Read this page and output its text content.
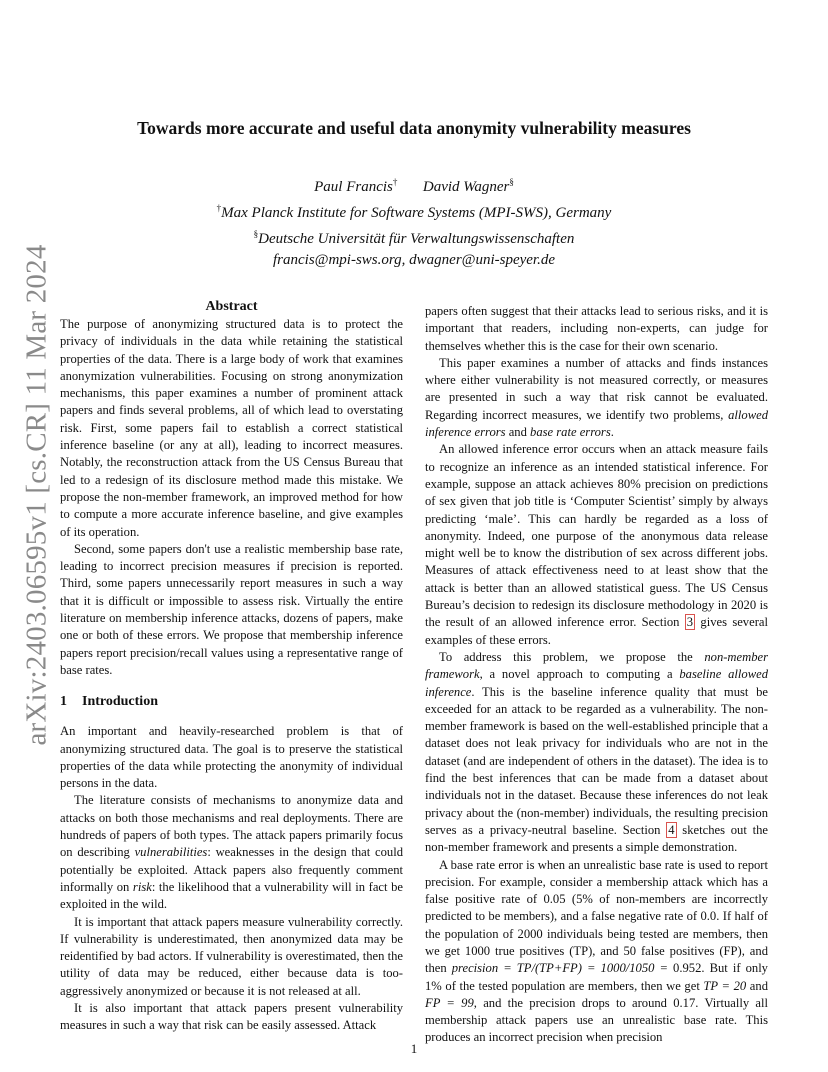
arXiv:2403.06595v1 [cs.CR] 11 Mar 2024
Towards more accurate and useful data anonymity vulnerability measures
Paul Francis† David Wagner§
†Max Planck Institute for Software Systems (MPI-SWS), Germany
§Deutsche Universität für Verwaltungswissenschaften
francis@mpi-sws.org, dwagner@uni-speyer.de
Abstract

The purpose of anonymizing structured data is to protect the privacy of individuals in the data while retaining the statistical properties of the data. There is a large body of work that examines anonymization vulnerabilities. Focusing on strong anonymization mechanisms, this paper examines a number of prominent attack papers and finds several problems, all of which lead to overstating risk. First, some papers fail to establish a correct statistical inference baseline (or any at all), leading to incorrect measures. Notably, the reconstruction attack from the US Census Bureau that led to a redesign of its disclosure method made this mistake. We propose the non-member framework, an improved method for how to compute a more accurate inference baseline, and give examples of its operation.

Second, some papers don't use a realistic membership base rate, leading to incorrect precision measures if precision is reported. Third, some papers unnecessarily report measures in such a way that it is difficult or impossible to assess risk. Virtually the entire literature on membership inference attacks, dozens of papers, make one or both of these errors. We propose that membership inference papers report precision/recall values using a representative range of base rates.

1 Introduction

An important and heavily-researched problem is that of anonymizing structured data. The goal is to preserve the statistical properties of the data while protecting the anonymity of individual persons in the data.

The literature consists of mechanisms to anonymize data and attacks on both those mechanisms and real deployments. There are hundreds of papers of both types. The attack papers primarily focus on describing vulnerabilities: weaknesses in the design that could potentially be exploited. Attack papers also frequently comment informally on risk: the likelihood that a vulnerability will in fact be exploited in the wild.

It is important that attack papers measure vulnerability correctly. If vulnerability is underestimated, then anonymized data may be reidentified by bad actors. If vulnerability is overestimated, then the utility of data may be reduced, either because data is too-aggressively anonymized or because it is not released at all.

It is also important that attack papers present vulnerability measures in such a way that risk can be easily assessed. Attack

papers often suggest that their attacks lead to serious risks, and it is important that readers, including non-experts, can judge for themselves whether this is the case for their own scenario.

This paper examines a number of attacks and finds instances where either vulnerability is not measured correctly, or measures are presented in such a way that risk cannot be evaluated. Regarding incorrect measures, we identify two problems, allowed inference errors and base rate errors.

An allowed inference error occurs when an attack measure fails to recognize an inference as an intended statistical inference. For example, suppose an attack achieves 80% precision on predictions of sex given that job title is ‘Computer Scientist’ simply by always predicting ‘male’. This can hardly be regarded as a loss of anonymity. Indeed, one purpose of the anonymous data release might well be to know the distribution of sex across different jobs. Measures of attack effectiveness need to at least show that the attack is better than an allowed statistical guess. The US Census Bureau’s decision to redesign its disclosure methodology in 2020 is the result of an allowed inference error. Section 3 gives several examples of these errors.

To address this problem, we propose the non-member framework, a novel approach to computing a baseline allowed inference. This is the baseline inference quality that must be exceeded for an attack to be regarded as a vulnerability. The non-member framework is based on the well-established principle that a dataset does not leak privacy for individuals who are not in the dataset (and are independent of others in the dataset). The idea is to find the best inferences that can be made from a dataset about individuals not in the dataset. Because these inferences do not leak privacy about the (non-member) individuals, the resulting precision serves as a privacy-neutral baseline. Section 4 sketches out the non-member framework and presents a simple demonstration.

A base rate error is when an unrealistic base rate is used to report precision. For example, consider a membership attack which has a false positive rate of 0.05 (5% of non-members are incorrectly predicted to be members), and a false negative rate of 0.0. If half of the population of 2000 individuals being tested are members, then we get 1000 true positives (TP), and 50 false positives (FP), and then precision = TP/(TP+FP) = 1000/1050 = 0.952. But if only 1% of the tested population are members, then we get TP = 20 and FP = 99, and the precision drops to around 0.17. Virtually all membership attack papers use an unrealistic base rate. This produces an incorrect precision when precision

1
